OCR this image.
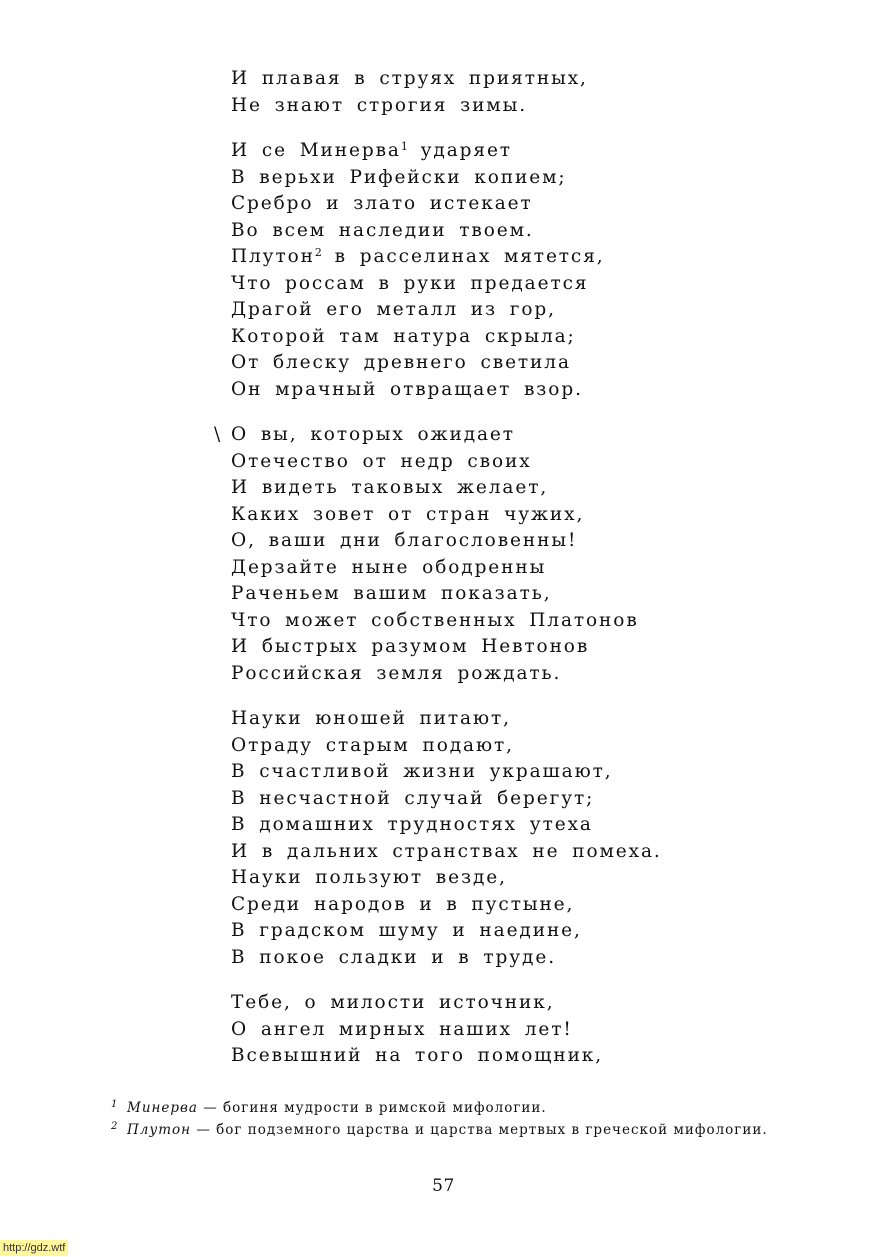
И плавая в струях приятных,
Не знают строгия зимы.
И се Минерва$^1$ ударяет
В верьхи Рифейски копием;
Сребро и злато истекает
Во всем наследии твоем.
Плутон$^2$ в расселинах мятется,
Что россам в руки предается
Драгой его металл из гор,
Которой там натура скрыла;
От блеску древнего светила
Он мрачный отвращает взор.
\ О вы, которых ожидает
Отечество от недр своих
И видеть таковых желает,
Каких зовет от стран чужих,
О, ваши дни благословенны!
Дерзайте ныне ободренны
Раченьем вашим показать,
Что может собственных Платонов
И быстрых разумом Невтонов
Российская земля рождать.
Науки юношей питают,
Отраду старым подают,
В счастливой жизни украшают,
В несчастной случай берегут;
В домашних трудностях утеха
И в дальних странствах не помеха.
Науки пользуют везде,
Среди народов и в пустыне,
В градском шуму и наедине,
В покое сладки и в труде.
Тебе, о милости источник,
О ангел мирных наших лет!
Всевышний на того помощник,
1 Минерва — богиня мудрости в римской мифологии.
2 Плутон — бог подземного царства и царства мертвых в греческой мифологии.
57
http://gdz.wtf
